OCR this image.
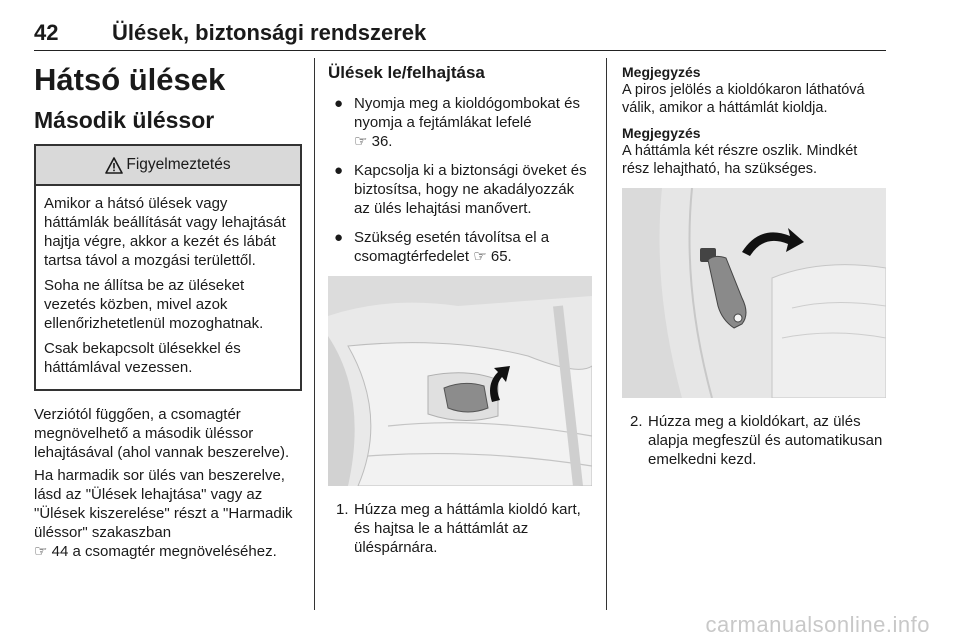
42 Ülések, biztonsági rendszerek
Hátsó ülések
Második üléssor
Figyelmeztetés

Amikor a hátsó ülések vagy háttámlák beállítását vagy lehajtását hajtja végre, akkor a kezét és lábát tartsa távol a mozgási területtől.

Soha ne állítsa be az üléseket vezetés közben, mivel azok ellenőrizhetetlenül mozoghatnak.

Csak bekapcsolt ülésekkel és háttámlával vezessen.

Verziótól függően, a csomagtér megnövelhető a második üléssor lehajtásával (ahol vannak beszerelve).

Ha harmadik sor ülés van beszerelve, lásd az "Ülések lehajtása" vagy az "Ülések kiszerelése" részt a "Harmadik üléssor" szakaszban

☞ 44 a csomagtér megnöveléséhez.

Ülések le/felhajtása
● Nyomja meg a kioldógombokat és nyomja a fejtámlákat lefelé
☞ 36.
● Kapcsolja ki a biztonsági öveket és biztosítsa, hogy ne akadályozzák az ülés lehajtási manővert.
● Szükség esetén távolítsa el a csomagtérfedelet ☞ 65.

1. Húzza meg a háttámla kioldó kart, és hajtsa le a háttámlát az üléspárnára.

Megjegyzés

A piros jelölés a kioldókaron láthatóvá válik, amikor a háttámlát kioldja.

Megjegyzés

A háttámla két részre oszlik. Mindkét rész lehajtható, ha szükséges.

2. Húzza meg a kioldókart, az ülés alapja megfeszül és automatikusan emelkedni kezd.

carmanualsonline.info
